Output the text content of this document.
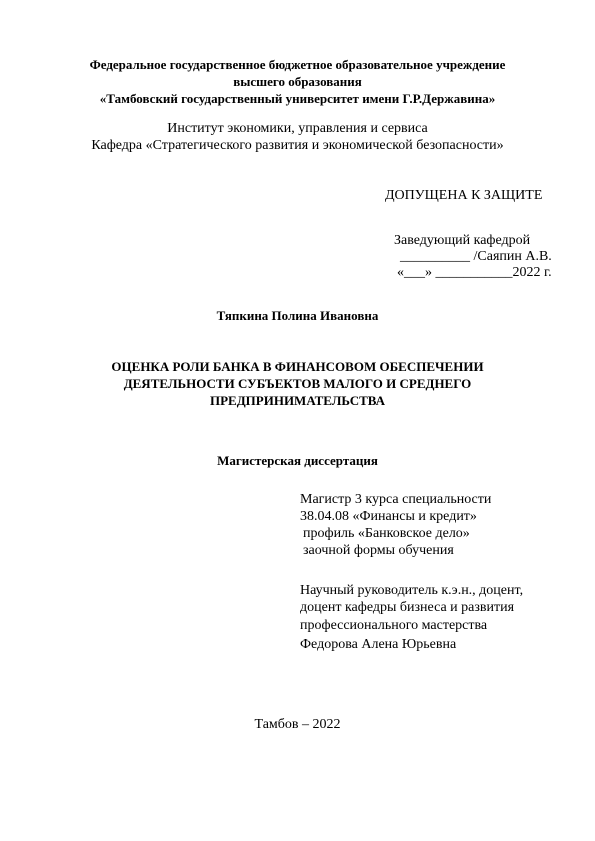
Федеральное государственное бюджетное образовательное учреждение
высшего образования
«Тамбовский государственный университет имени Г.Р.Державина»
Институт экономики, управления и сервиса
Кафедра «Стратегического развития и экономической безопасности»
ДОПУЩЕНА К ЗАЩИТЕ
Заведующий кафедрой
__________ /Саяпин А.В.
«___» ___________2022 г.
Тяпкина Полина Ивановна
ОЦЕНКА РОЛИ БАНКА В ФИНАНСОВОМ ОБЕСПЕЧЕНИИ
ДЕЯТЕЛЬНОСТИ СУБЪЕКТОВ МАЛОГО И СРЕДНЕГО
ПРЕДПРИНИМАТЕЛЬСТВА
Магистерская диссертация
Магистр 3 курса специальности
38.04.08 «Финансы и кредит»
профиль «Банковское дело»
заочной формы обучения
Научный руководитель к.э.н., доцент,
доцент кафедры бизнеса и развития
профессионального мастерства
Федорова Алена Юрьевна
Тамбов – 2022
